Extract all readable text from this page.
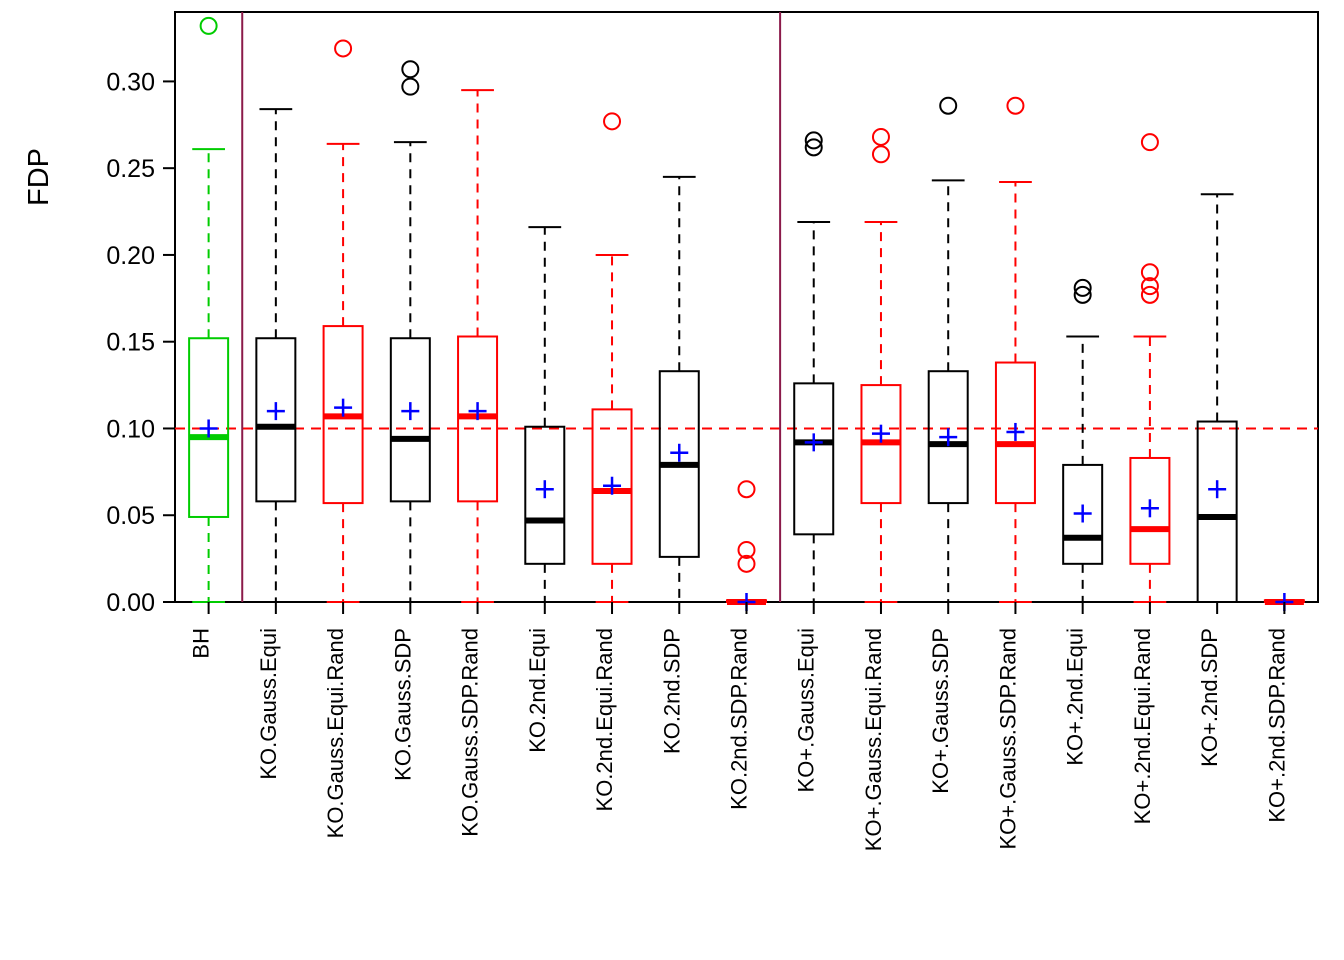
0.00
0.05
0.10
0.15
0.20
0.25
0.30
FDP
BH KO.Gauss.Equi KO.Gauss.Equi.Rand KO.Gauss.SDP KO.Gauss.SDP.Rand KO.2nd.Equi KO.2nd.Equi.Rand KO.2nd.SDP KO.2nd.SDP.Rand KO+.Gauss.Equi KO+.Gauss.Equi.Rand KO+.Gauss.SDP KO+.Gauss.SDP.Rand KO+.2nd.Equi KO+.2nd.Equi.Rand KO+.2nd.SDP KO+.2nd.SDP.Rand
